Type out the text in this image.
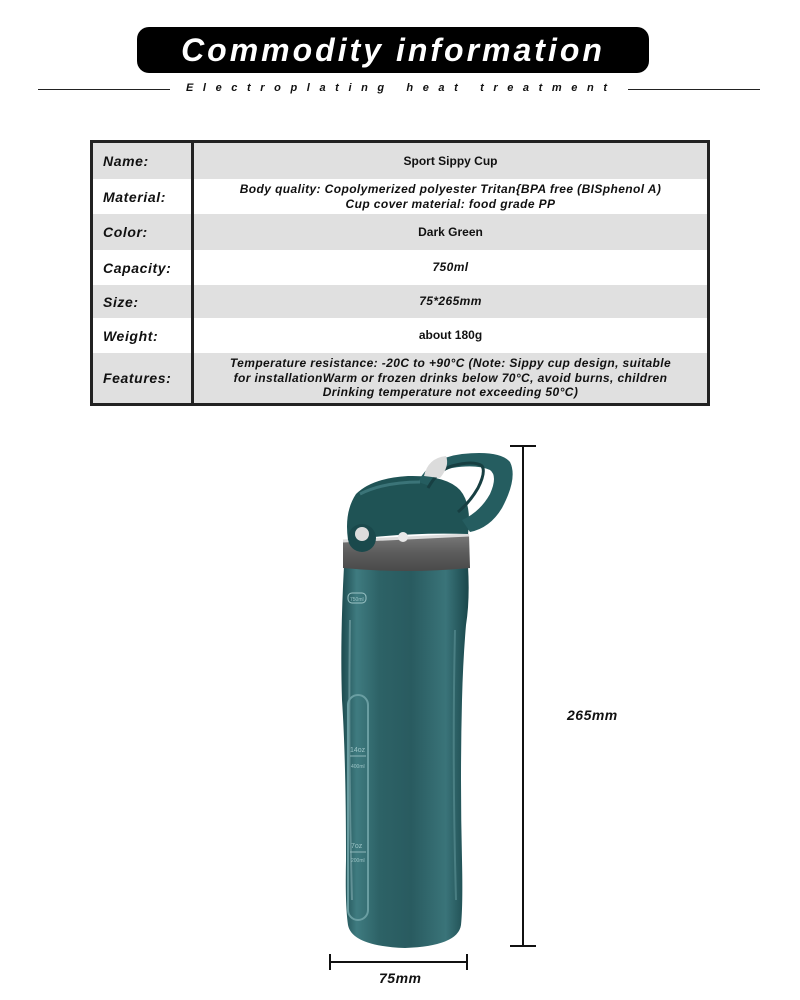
Commodity information
Electroplating heat treatment
Name:	Sport Sippy Cup
Material:	Body quality: Copolymerized polyester Tritan{BPA free (BISphenol A)
Cup cover material: food grade PP
Color:	Dark Green
Capacity:	750ml
Size:	75*265mm
Weight:	about 180g
Features:
Temperature resistance: -20C to +90°C (Note: Sippy cup design, suitable
for installationWarm or frozen drinks below 70°C, avoid burns, children
Drinking temperature not exceeding 50°C)
14oz
400ml
7oz
200ml
750ml
265mm
75mm
